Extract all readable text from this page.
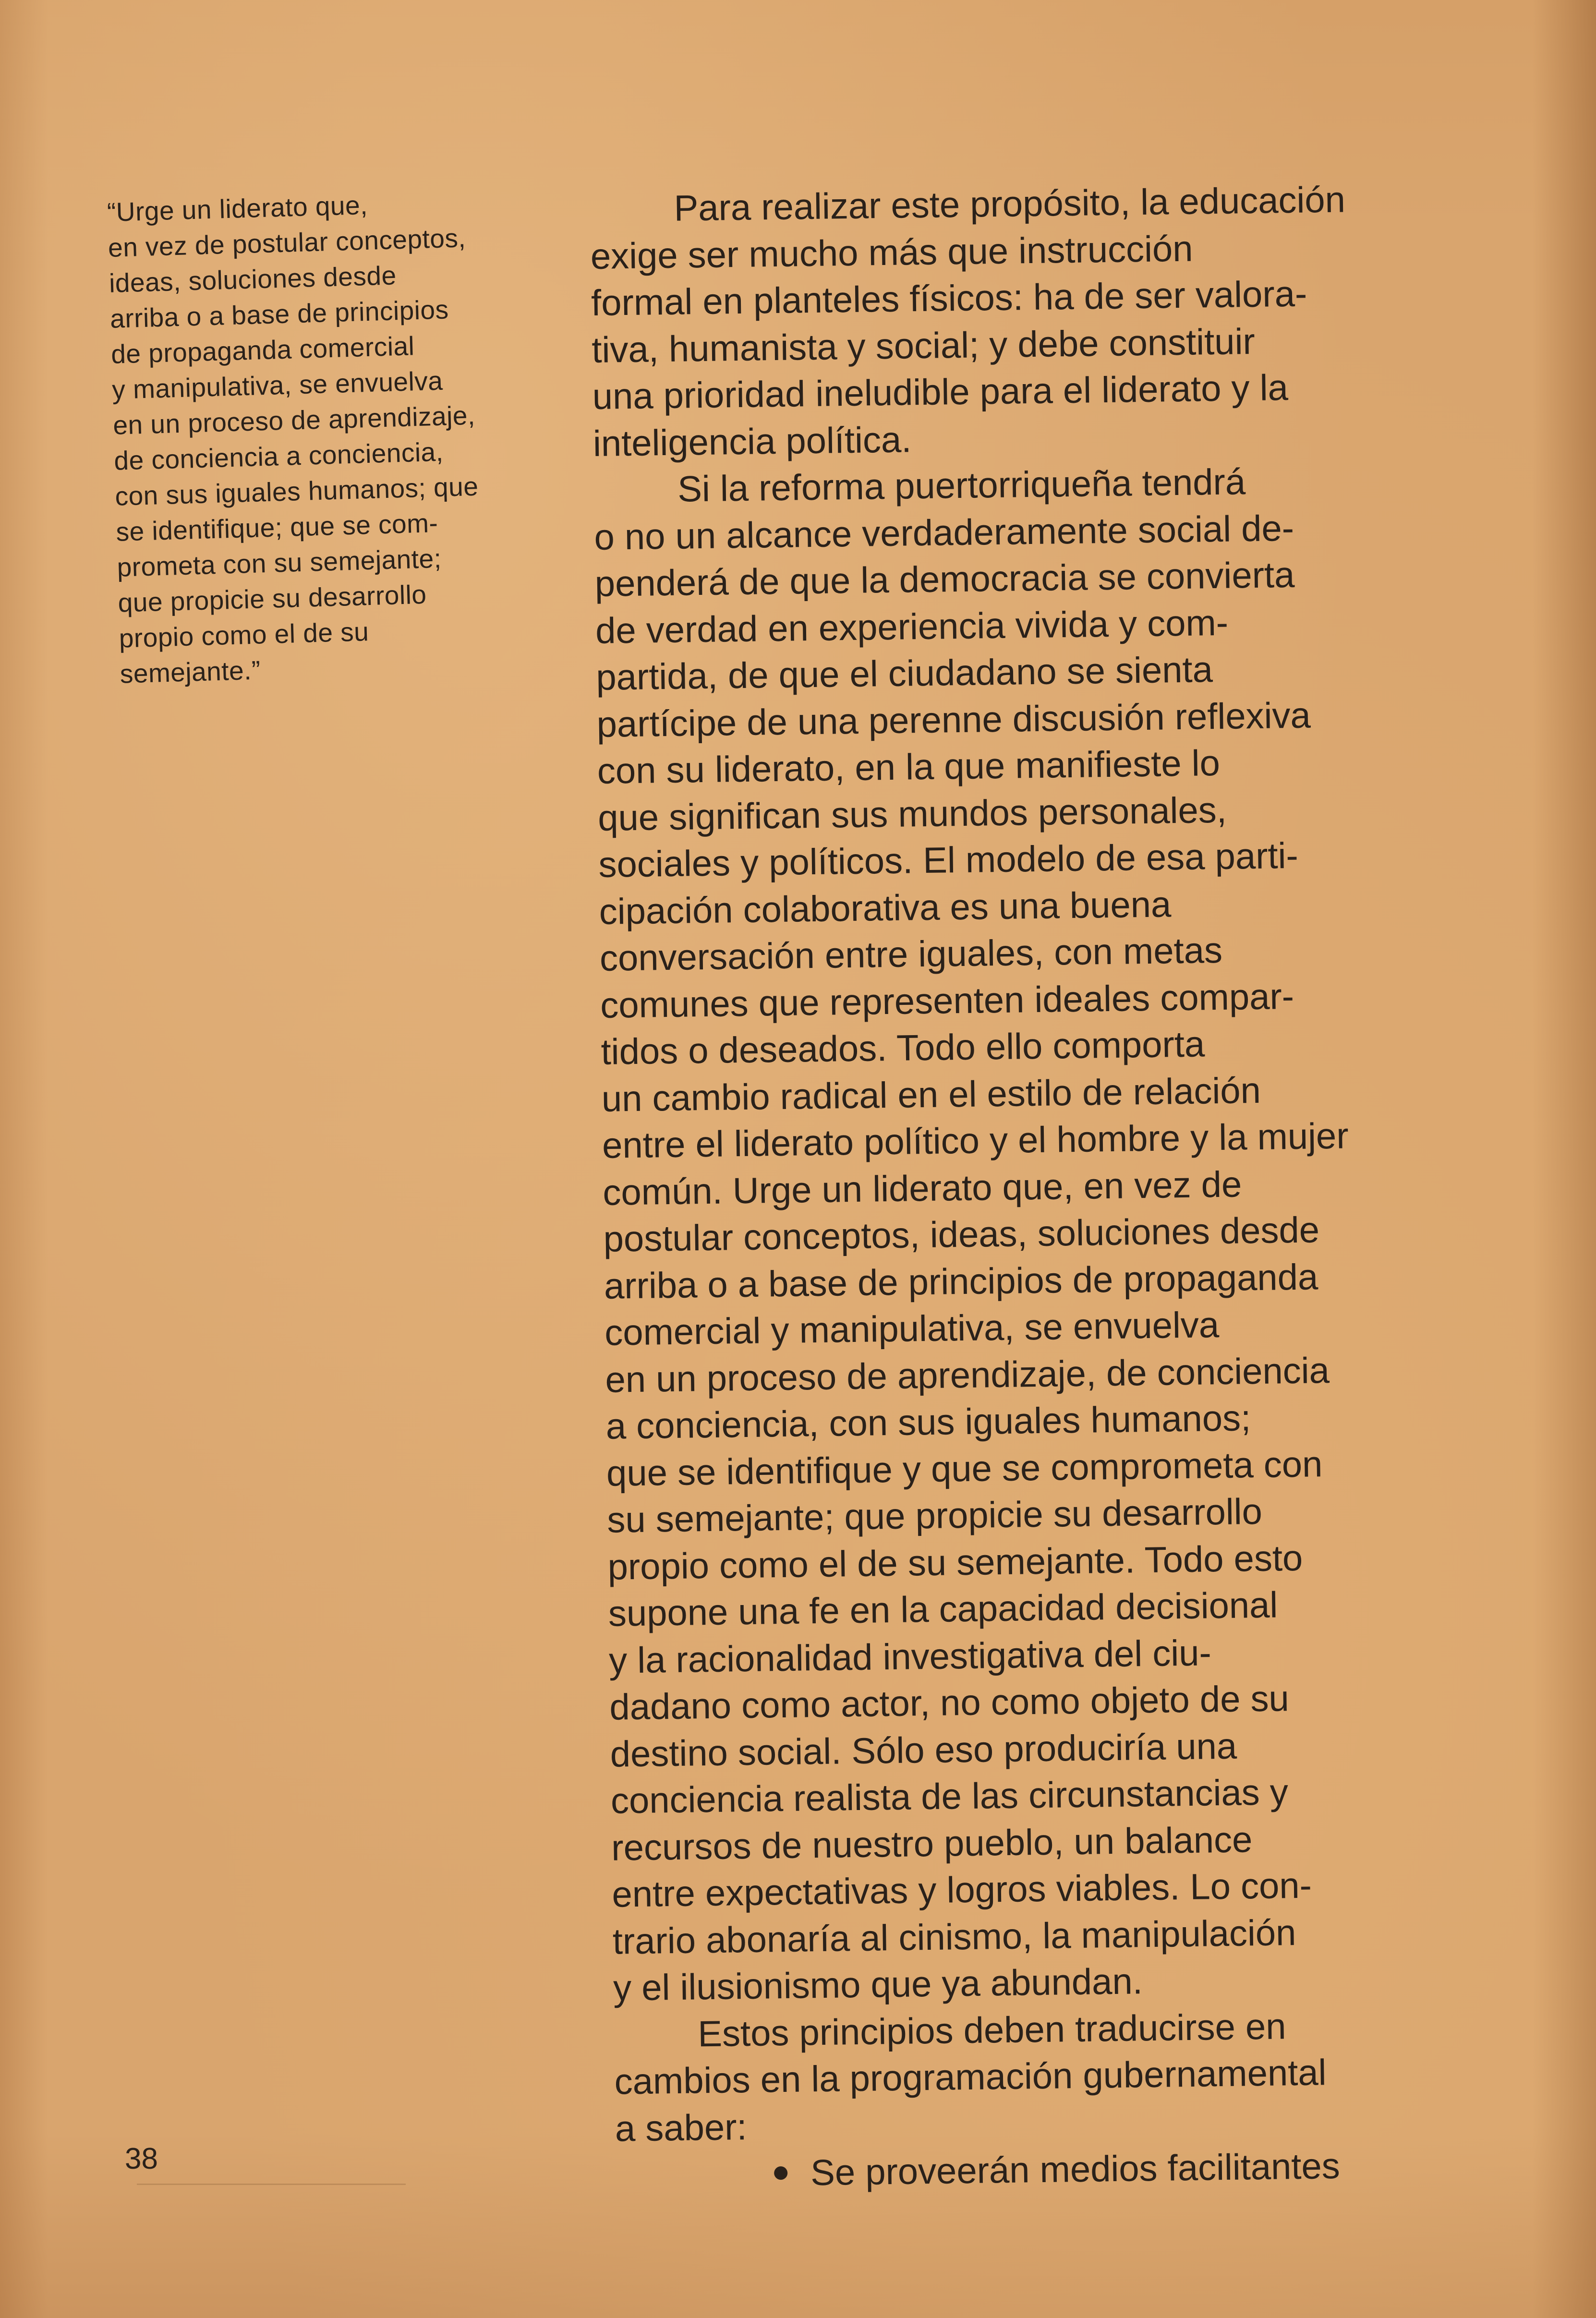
“Urge un liderato que,
en vez de postular conceptos,
ideas, soluciones desde
arriba o a base de principios
de propaganda comercial
y manipulativa, se envuelva
en un proceso de aprendizaje,
de conciencia a conciencia,
con sus iguales humanos; que
se identifique; que se com-
prometa con su semejante;
que propicie su desarrollo
propio como el de su
semejante.”
Para realizar este propósito, la educación
exige ser mucho más que instrucción
formal en planteles físicos: ha de ser valora-
tiva, humanista y social; y debe constituir
una prioridad ineludible para el liderato y la
inteligencia política.
Si la reforma puertorriqueña tendrá
o no un alcance verdaderamente social de-
penderá de que la democracia se convierta
de verdad en experiencia vivida y com-
partida, de que el ciudadano se sienta
partícipe de una perenne discusión reflexiva
con su liderato, en la que manifieste lo
que significan sus mundos personales,
sociales y políticos. El modelo de esa parti-
cipación colaborativa es una buena
conversación entre iguales, con metas
comunes que representen ideales compar-
tidos o deseados. Todo ello comporta
un cambio radical en el estilo de relación
entre el liderato político y el hombre y la mujer
común. Urge un liderato que, en vez de
postular conceptos, ideas, soluciones desde
arriba o a base de principios de propaganda
comercial y manipulativa, se envuelva
en un proceso de aprendizaje, de conciencia
a conciencia, con sus iguales humanos;
que se identifique y que se comprometa con
su semejante; que propicie su desarrollo
propio como el de su semejante. Todo esto
supone una fe en la capacidad decisional
y la racionalidad investigativa del ciu-
dadano como actor, no como objeto de su
destino social. Sólo eso produciría una
conciencia realista de las circunstancias y
recursos de nuestro pueblo, un balance
entre expectativas y logros viables. Lo con-
trario abonaría al cinismo, la manipulación
y el ilusionismo que ya abundan.
Estos principios deben traducirse en
cambios en la programación gubernamental
a saber:
Se proveerán medios facilitantes
38
